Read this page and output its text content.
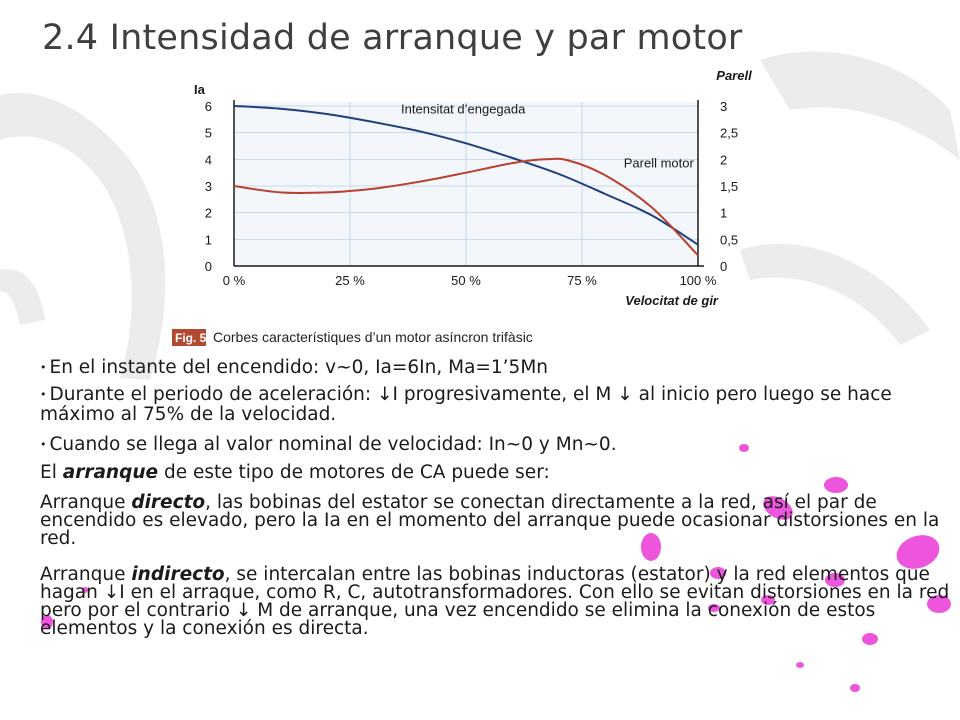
2.4 Intensidad de arranque y par motor
0
1
2
3
4
5
6
0
0,5
1
1,5
2
2,5
3
0 %	25 %	50 %	75 %	100 %
Ia
Parell
Velocitat de gir
Intensitat d’engegada
Parell motor
Fig. 5 Corbes característiques d’un motor asíncron trifàsic
• En el instante del encendido: v~0, Ia=6In, Ma=1’5Mn
• Durante el periodo de aceleración: ↓I progresivamente, el M ↓ al inicio pero luego se hace máximo al 75% de la velocidad.
• Cuando se llega al valor nominal de velocidad: In~0 y Mn~0.
El arranque de este tipo de motores de CA puede ser:
Arranque directo, las bobinas del estator se conectan directamente a la red, así el par de encendido es elevado, pero la Ia en el momento del arranque puede ocasionar distorsiones en la red.
Arranque indirecto, se intercalan entre las bobinas inductoras (estator) y la red elementos que hagan ↓I en el arraque, como R, C, autotransformadores. Con ello se evitan distorsiones en la red pero por el contrario ↓ M de arranque, una vez encendido se elimina la conexión de estos elementos y la conexión es directa.
